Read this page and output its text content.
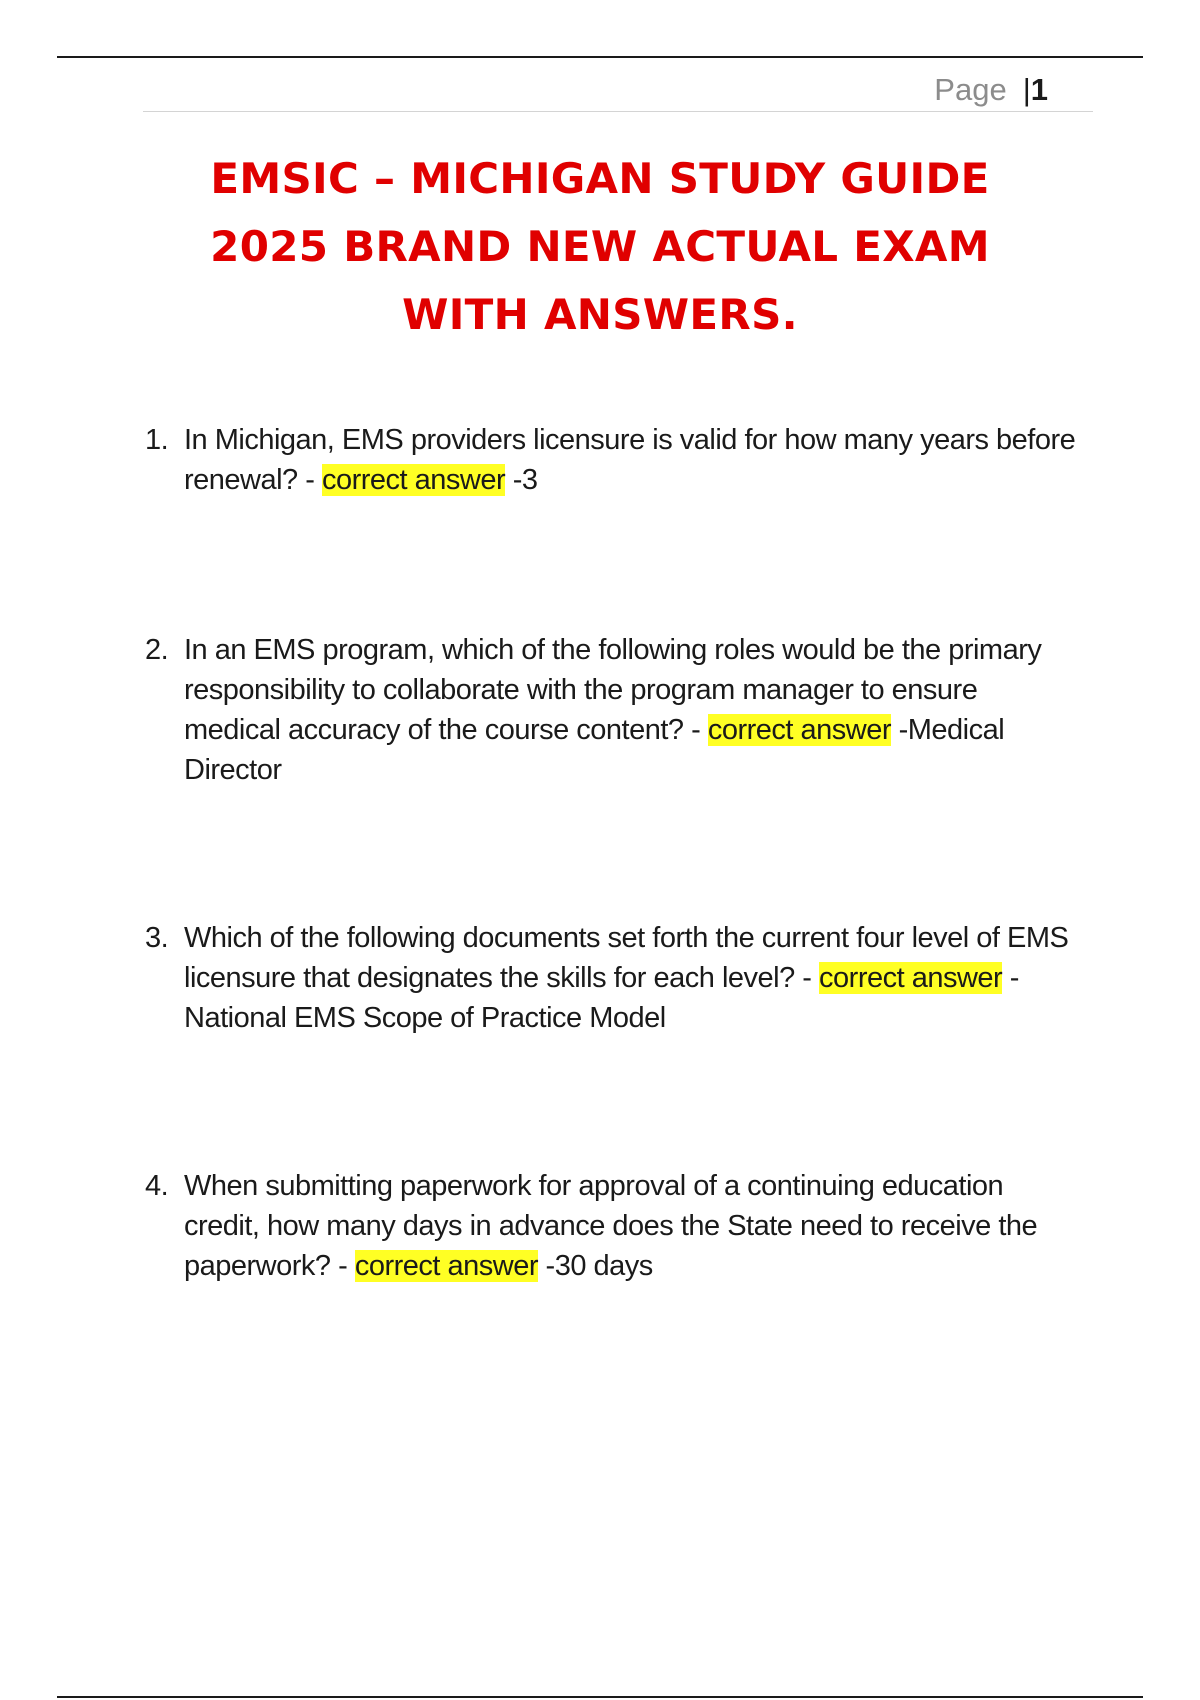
Page |1
EMSIC – MICHIGAN STUDY GUIDE
2025 BRAND NEW ACTUAL EXAM
WITH ANSWERS.
1. In Michigan, EMS providers licensure is valid for how many years before renewal? - correct answer -3
2. In an EMS program, which of the following roles would be the primary responsibility to collaborate with the program manager to ensure medical accuracy of the course content? - correct answer -Medical Director
3. Which of the following documents set forth the current four level of EMS licensure that designates the skills for each level? - correct answer -National EMS Scope of Practice Model
4. When submitting paperwork for approval of a continuing education credit, how many days in advance does the State need to receive the paperwork? - correct answer -30 days
